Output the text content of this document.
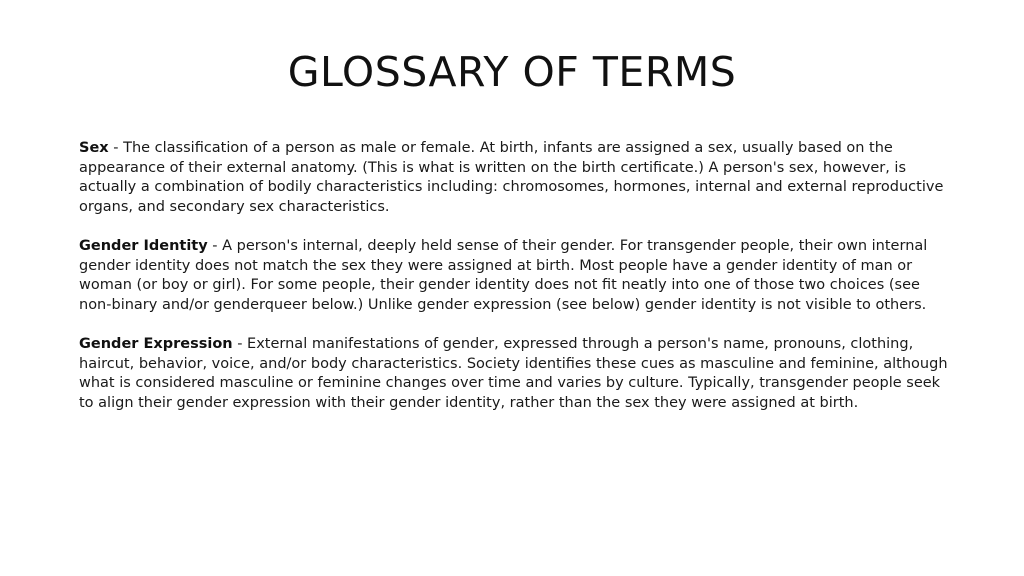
GLOSSARY OF TERMS

Sex - The classification of a person as male or female. At birth, infants are assigned a sex, usually based on the appearance of their external anatomy. (This is what is written on the birth certificate.) A person's sex, however, is actually a combination of bodily characteristics including: chromosomes, hormones, internal and external reproductive organs, and secondary sex characteristics.

Gender Identity - A person's internal, deeply held sense of their gender. For transgender people, their own internal gender identity does not match the sex they were assigned at birth. Most people have a gender identity of man or woman (or boy or girl). For some people, their gender identity does not fit neatly into one of those two choices (see non-binary and/or genderqueer below.) Unlike gender expression (see below) gender identity is not visible to others.

Gender Expression - External manifestations of gender, expressed through a person's name, pronouns, clothing, haircut, behavior, voice, and/or body characteristics. Society identifies these cues as masculine and feminine, although what is considered masculine or feminine changes over time and varies by culture. Typically, transgender people seek to align their gender expression with their gender identity, rather than the sex they were assigned at birth.
